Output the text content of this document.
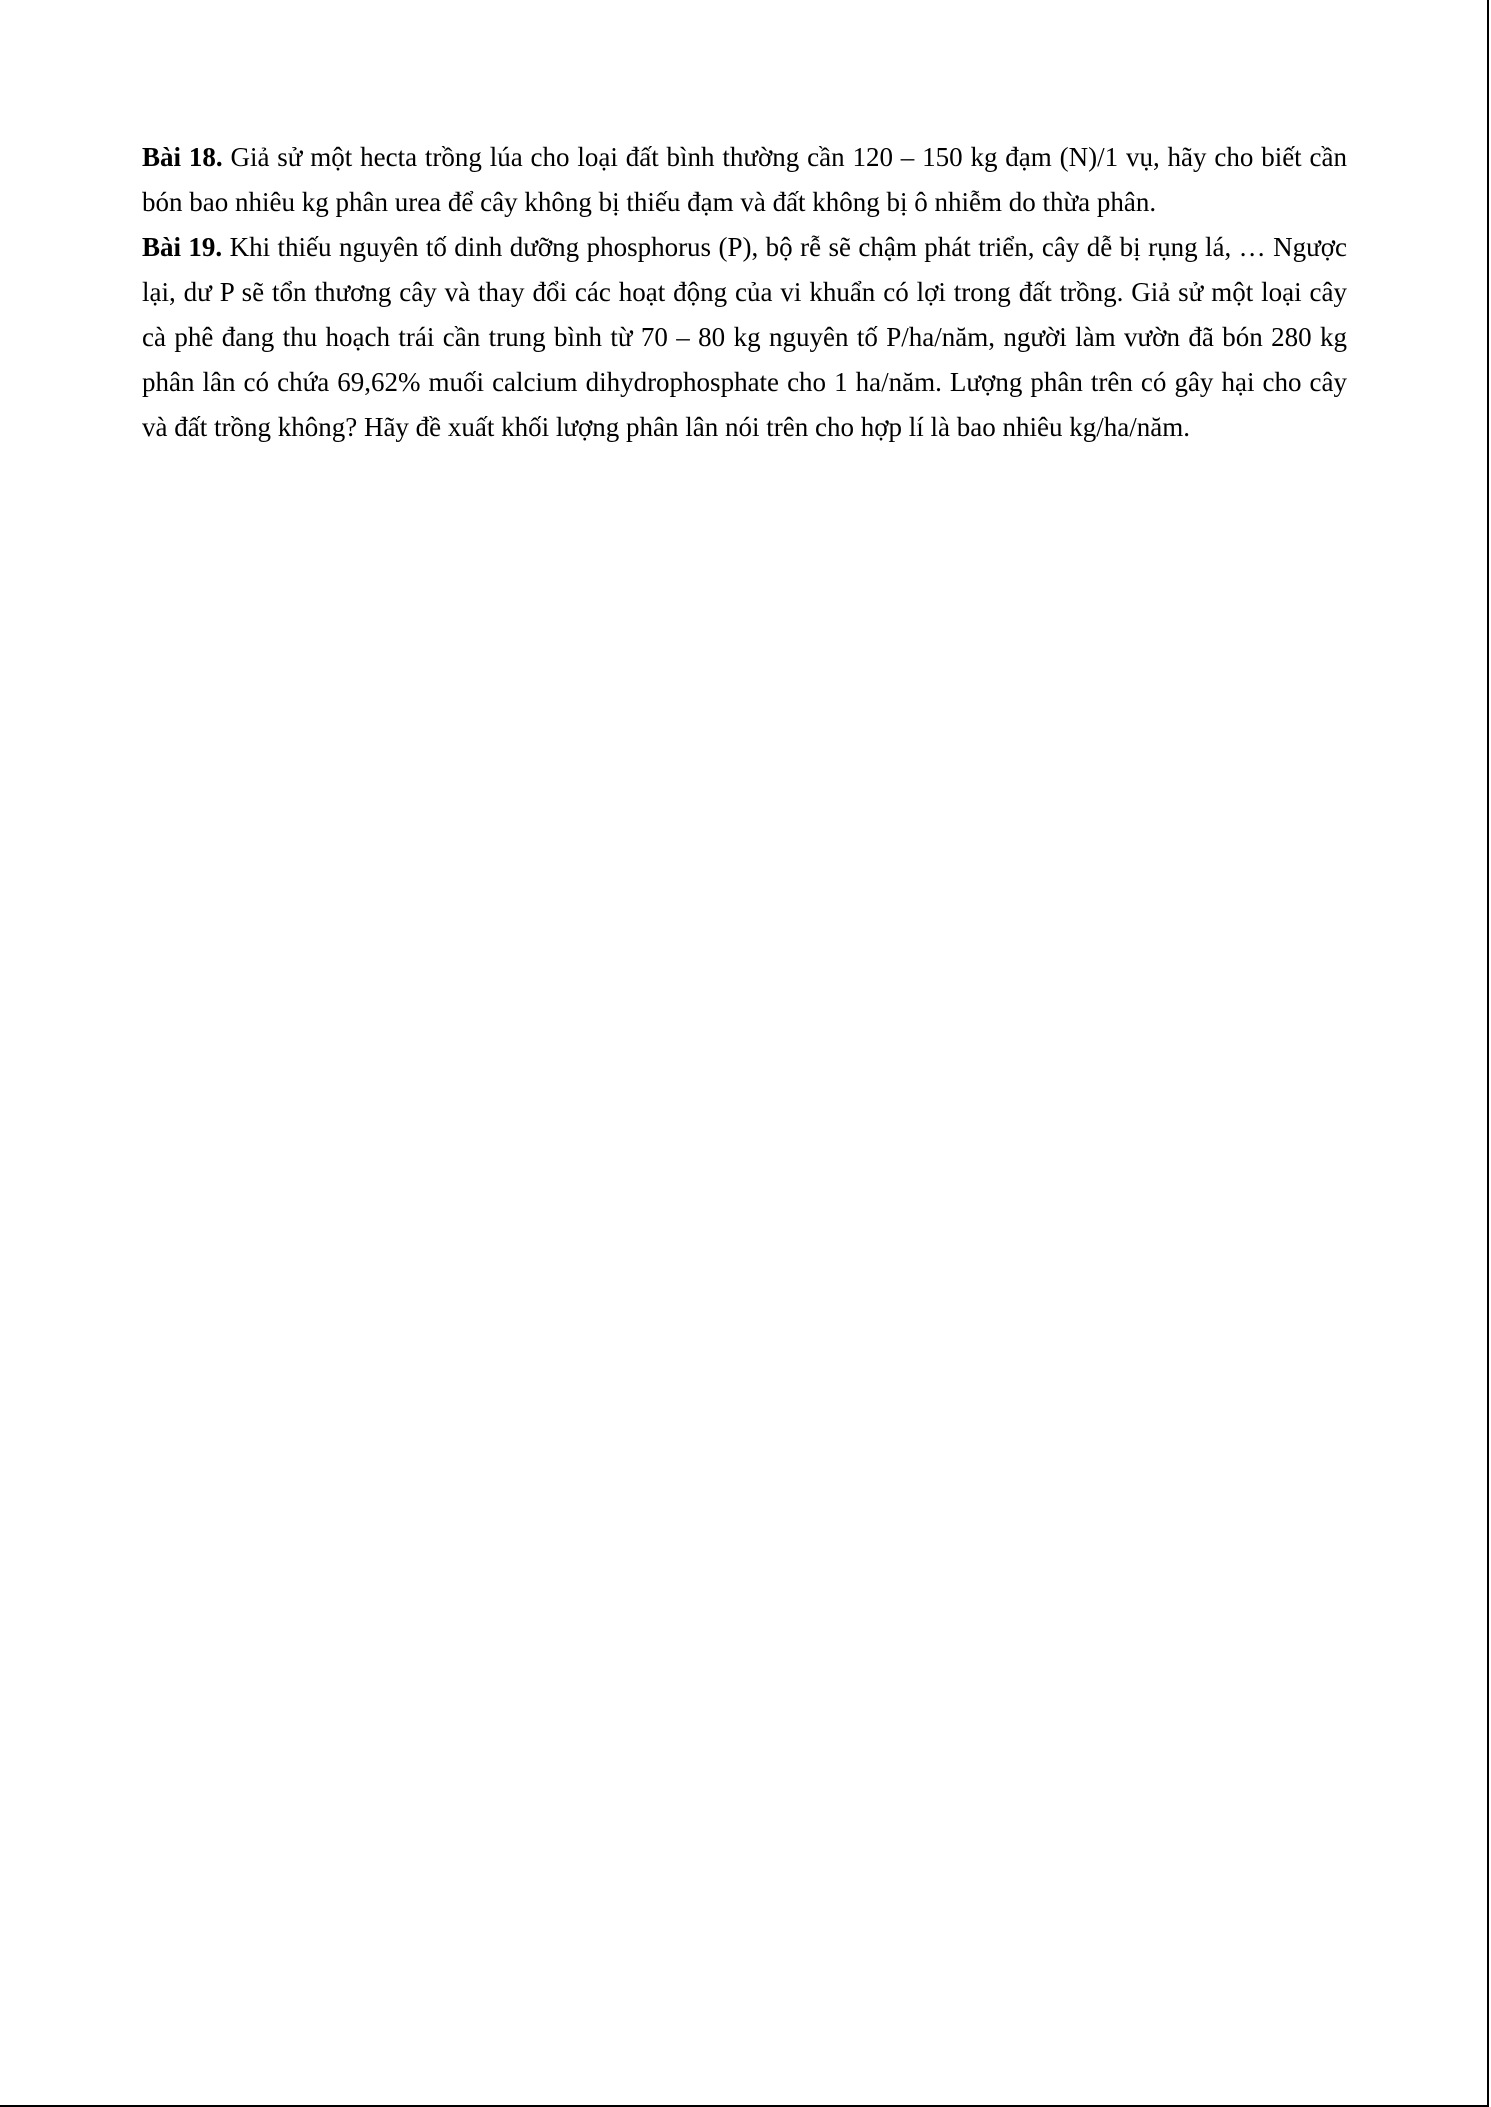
Bài 18. Giả sử một hecta trồng lúa cho loại đất bình thường cần 120 – 150 kg đạm (N)/1 vụ, hãy cho biết cần bón bao nhiêu kg phân urea để cây không bị thiếu đạm và đất không bị ô nhiễm do thừa phân.

Bài 19. Khi thiếu nguyên tố dinh dưỡng phosphorus (P), bộ rễ sẽ chậm phát triển, cây dễ bị rụng lá, … Ngược lại, dư P sẽ tổn thương cây và thay đổi các hoạt động của vi khuẩn có lợi trong đất trồng. Giả sử một loại cây cà phê đang thu hoạch trái cần trung bình từ 70 – 80 kg nguyên tố P/ha/năm, người làm vườn đã bón 280 kg phân lân có chứa 69,62% muối calcium dihydrophosphate cho 1 ha/năm. Lượng phân trên có gây hại cho cây và đất trồng không? Hãy đề xuất khối lượng phân lân nói trên cho hợp lí là bao nhiêu kg/ha/năm.
